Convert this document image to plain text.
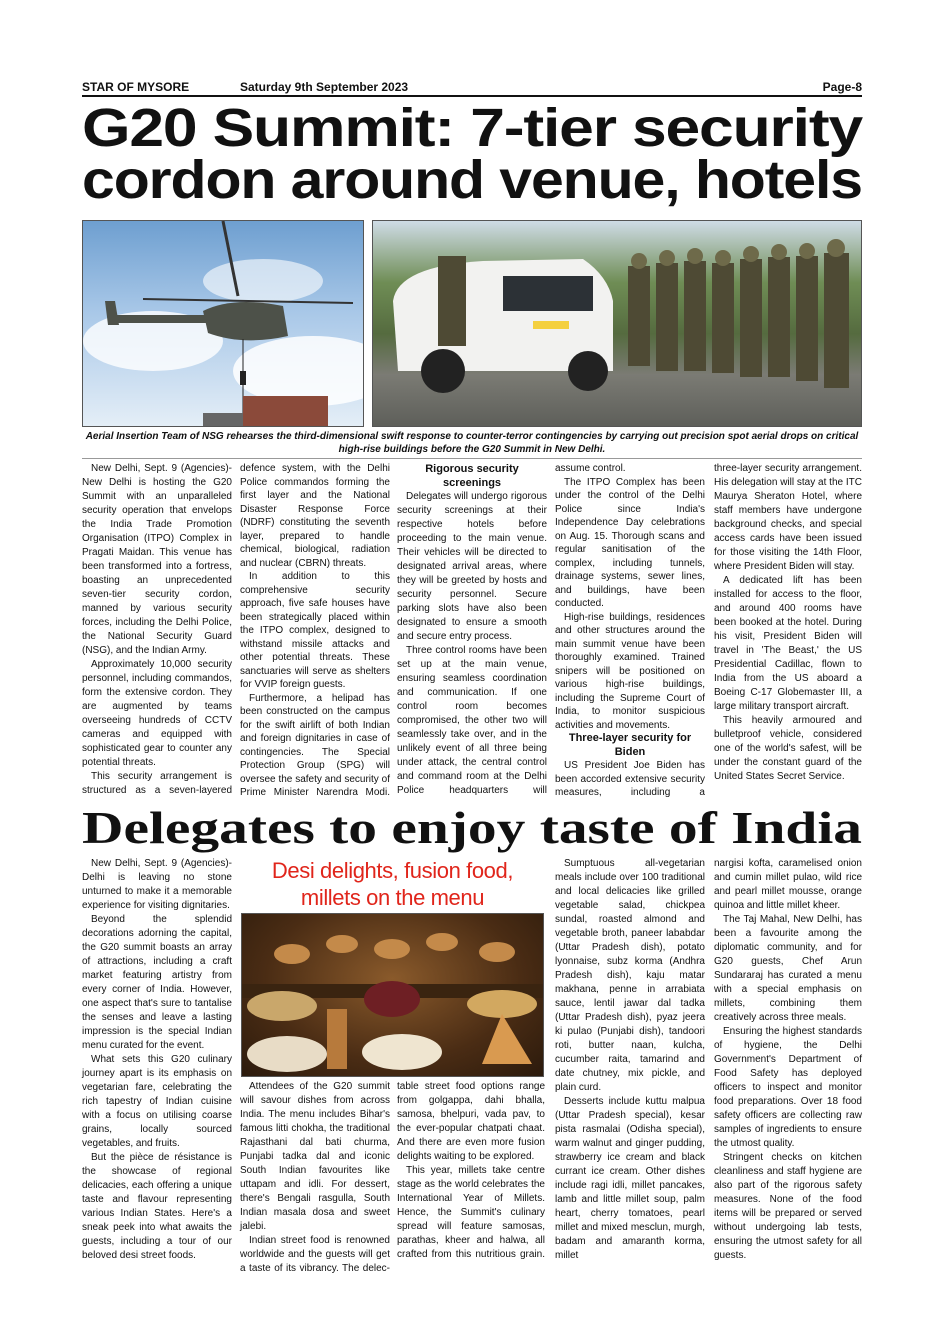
STAR OF MYSORE	Saturday 9th September 2023	Page-8
G20 Summit: 7-tier security
cordon around venue, hotels
Aerial Insertion Team of NSG rehearses the third-dimensional swift response to counter-terror contingencies by carrying out precision spot aerial drops on critical high-rise buildings before the G20 Summit in New Delhi.

New Delhi, Sept. 9 (Agencies)- New Delhi is hosting the G20 Summit with an unparalleled security operation that envelops the India Trade Promotion Organisation (ITPO) Complex in Pragati Maidan. This venue has been transformed into a fortress, boasting an unprecedented seven-tier security cordon, manned by various security forces, including the Delhi Police, the National Security Guard (NSG), and the Indian Army.

Approximately 10,000 security personnel, including commandos, form the extensive cordon. They are augmented by teams overseeing hundreds of CCTV cameras and equipped with sophisticated gear to counter any potential threats.

This security arrangement is structured as a seven-layered

defence system, with the Delhi Police commandos forming the first layer and the National Disaster Response Force (NDRF) constituting the seventh layer, prepared to handle chemical, biological, radiation and nuclear (CBRN) threats.

In addition to this comprehensive security approach, five safe houses have been strategically placed within the ITPO complex, designed to withstand missile attacks and other potential threats. These sanctuaries will serve as shelters for VVIP foreign guests.

Furthermore, a helipad has been constructed on the campus for the swift airlift of both Indian and foreign dignitaries in case of contingencies. The Special Protection Group (SPG) will oversee the safety and security of Prime Minister Narendra Modi.

Rigorous security screenings

Delegates will undergo rigorous security screenings at their respective hotels before proceeding to the main venue. Their vehicles will be directed to designated arrival areas, where they will be greeted by hosts and security personnel. Secure parking slots have also been designated to ensure a smooth and secure entry process.

Three control rooms have been set up at the main venue, ensuring seamless coordination and communication. If one control room becomes compromised, the other two will seamlessly take over, and in the unlikely event of all three being under attack, the central control and command room at the Delhi Police headquarters will

assume control.

The ITPO Complex has been under the control of the Delhi Police since India's Independence Day celebrations on Aug. 15. Thorough scans and regular sanitisation of the complex, including tunnels, drainage systems, sewer lines, and buildings, have been conducted.

High-rise buildings, residences and other structures around the main summit venue have been thoroughly examined. Trained snipers will be positioned on various high-rise buildings, including the Supreme Court of India, to monitor suspicious activities and movements.

Three-layer security for Biden

US President Joe Biden has been accorded extensive security measures, including a

three-layer security arrangement. His delegation will stay at the ITC Maurya Sheraton Hotel, where staff members have undergone background checks, and special access cards have been issued for those visiting the 14th Floor, where President Biden will stay.

A dedicated lift has been installed for access to the floor, and around 400 rooms have been booked at the hotel. During his visit, President Biden will travel in 'The Beast,' the US Presidential Cadillac, flown to India from the US aboard a Boeing C-17 Globemaster III, a large military transport aircraft.

This heavily armoured and bulletproof vehicle, considered one of the world's safest, will be under the constant guard of the United States Secret Service.

Delegates to enjoy taste of India
Desi delights, fusion food, millets on the menu

New Delhi, Sept. 9 (Agencies)- Delhi is leaving no stone unturned to make it a memorable experience for visiting dignitaries.

Beyond the splendid decorations adorning the capital, the G20 summit boasts an array of attractions, including a craft market featuring artistry from every corner of India. However, one aspect that's sure to tantalise the senses and leave a lasting impression is the special Indian menu curated for the event.

What sets this G20 culinary journey apart is its emphasis on vegetarian fare, celebrating the rich tapestry of Indian cuisine with a focus on utilising coarse grains, locally sourced vegetables, and fruits.

But the pièce de résistance is the showcase of regional delicacies, each offering a unique taste and flavour representing various Indian States. Here's a sneak peek into what awaits the guests, including a tour of our beloved desi street foods.

Attendees of the G20 summit will savour dishes from across India. The menu includes Bihar's famous litti chokha, the traditional Rajasthani dal bati churma, Punjabi tadka dal and iconic South Indian favourites like uttapam and idli. For dessert, there's Bengali rasgulla, South Indian masala dosa and sweet jalebi.

Indian street food is renowned worldwide and the guests will get a taste of its vibrancy. The delec-

table street food options range from golgappa, dahi bhalla, samosa, bhelpuri, vada pav, to the ever-popular chatpati chaat. And there are even more fusion delights waiting to be explored.

This year, millets take centre stage as the world celebrates the International Year of Millets. Hence, the Summit's culinary spread will feature samosas, parathas, kheer and halwa, all crafted from this nutritious grain.

Sumptuous all-vegetarian meals include over 100 traditional and local delicacies like grilled vegetable salad, chickpea sundal, roasted almond and vegetable broth, paneer lababdar (Uttar Pradesh dish), potato lyonnaise, subz korma (Andhra Pradesh dish), kaju matar makhana, penne in arrabiata sauce, lentil jawar dal tadka (Uttar Pradesh dish), pyaz jeera ki pulao (Punjabi dish), tandoori roti, butter naan, kulcha, cucumber raita, tamarind and date chutney, mix pickle, and plain curd.

Desserts include kuttu malpua (Uttar Pradesh special), kesar pista rasmalai (Odisha special), warm walnut and ginger pudding, strawberry ice cream and black currant ice cream. Other dishes include ragi idli, millet pancakes, lamb and little millet soup, palm heart, cherry tomatoes, pearl millet and mixed mesclun, murgh, badam and amaranth korma, millet

nargisi kofta, caramelised onion and cumin millet pulao, wild rice and pearl millet mousse, orange quinoa and little millet kheer.

The Taj Mahal, New Delhi, has been a favourite among the diplomatic community, and for G20 guests, Chef Arun Sundararaj has curated a menu with a special emphasis on millets, combining them creatively across three meals.

Ensuring the highest standards of hygiene, the Delhi Government's Department of Food Safety has deployed officers to inspect and monitor food preparations. Over 18 food safety officers are collecting raw samples of ingredients to ensure the utmost quality.

Stringent checks on kitchen cleanliness and staff hygiene are also part of the rigorous safety measures. None of the food items will be prepared or served without undergoing lab tests, ensuring the utmost safety for all guests.
